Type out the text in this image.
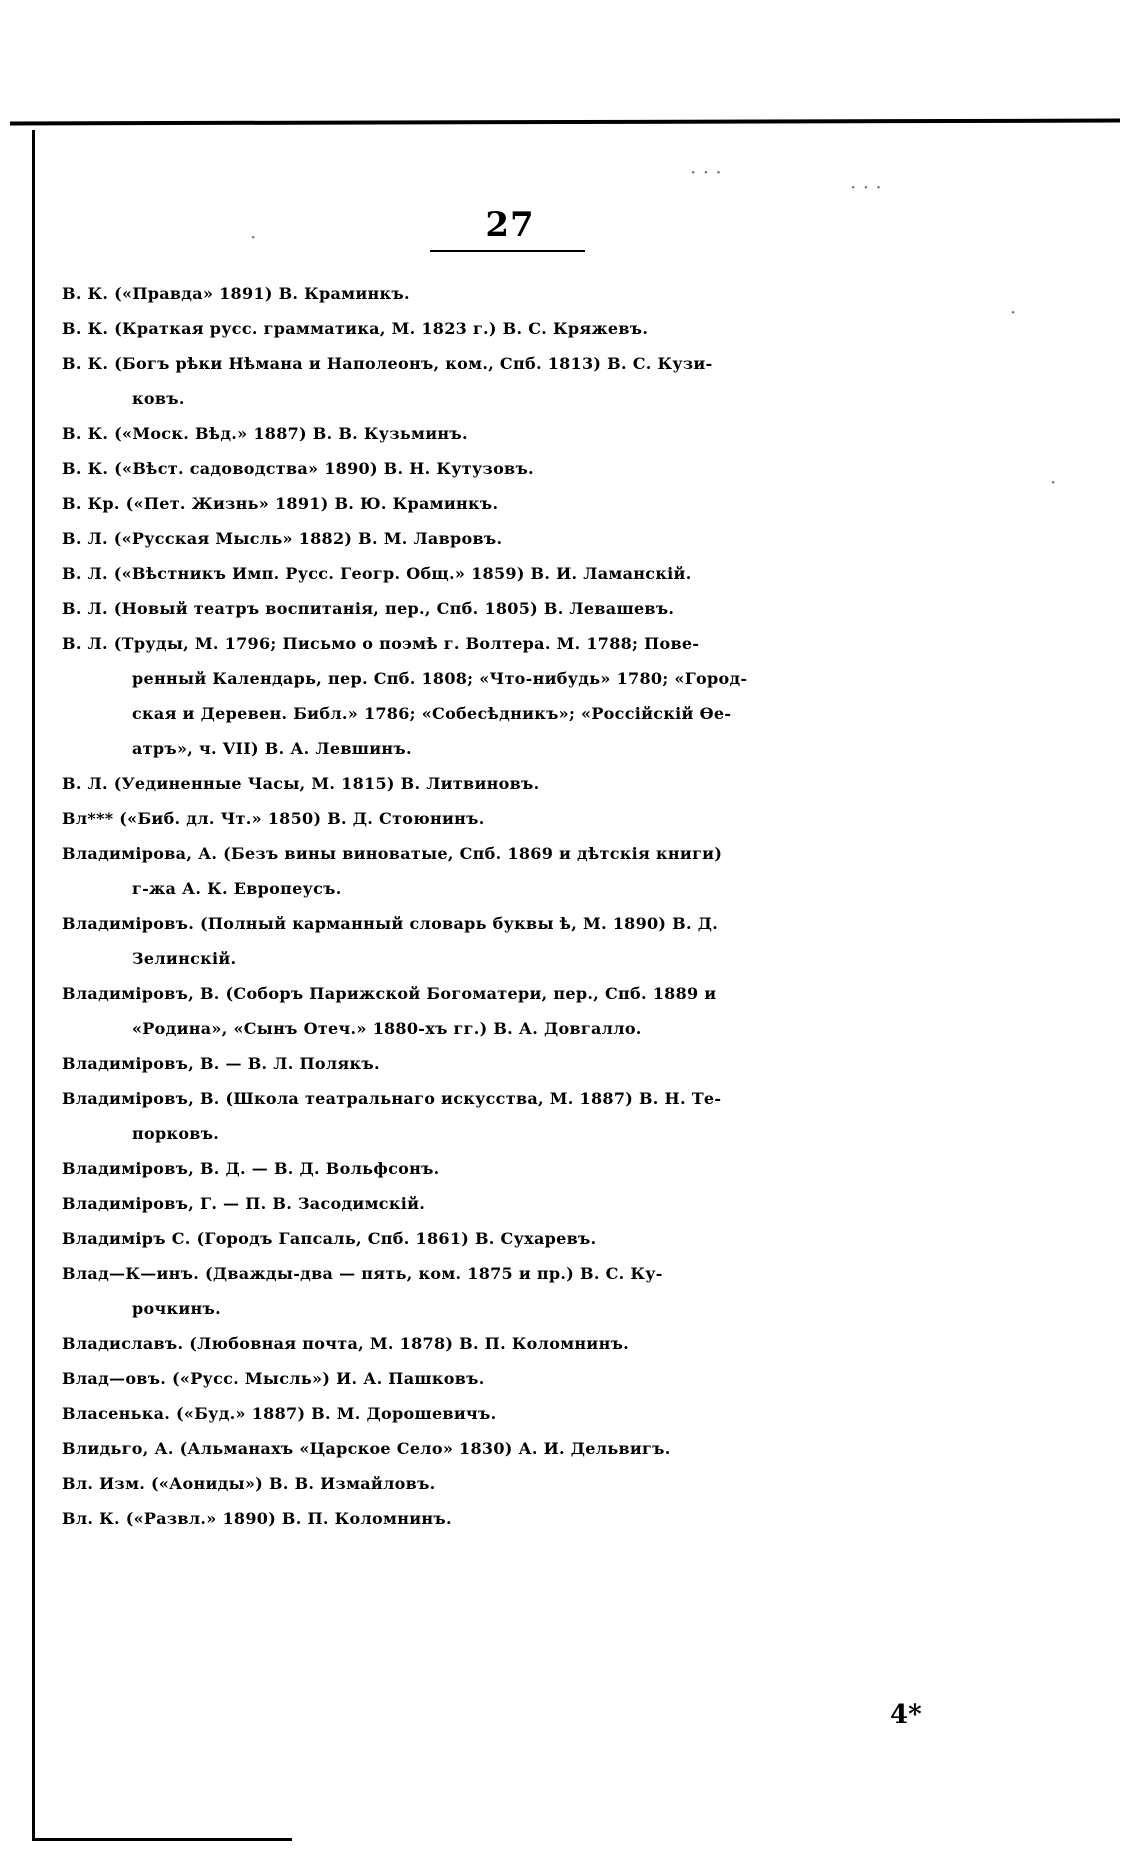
· · ·
· · ·
·
·
·
27
В. К. («Правда» 1891) В. Краминкъ.
В. К. (Краткая русс. грамматика, М. 1823 г.) В. С. Кряжевъ.
В. К. (Богъ рѣки Нѣмана и Наполеонъ, ком., Спб. 1813) В. С. Кузи-
ковъ.
В. К. («Моск. Вѣд.» 1887) В. В. Кузьминъ.
В. К. («Вѣст. садоводства» 1890) В. Н. Кутузовъ.
В. Кр. («Пет. Жизнь» 1891) В. Ю. Краминкъ.
В. Л. («Русская Мысль» 1882) В. М. Лавровъ.
В. Л. («Вѣстникъ Имп. Русс. Геогр. Общ.» 1859) В. И. Ламанскій.
В. Л. (Новый театръ воспитанія, пер., Спб. 1805) В. Левашевъ.
В. Л. (Труды, М. 1796; Письмо о поэмѣ г. Волтера. М. 1788; Пове-
ренный Календарь, пер. Спб. 1808; «Что-нибудь» 1780; «Город-
ская и Деревен. Библ.» 1786; «Собесѣдникъ»; «Россійскій Ѳе-
атръ», ч. VII) В. А. Левшинъ.
В. Л. (Уединенные Часы, М. 1815) В. Литвиновъ.
Вл*** («Биб. дл. Чт.» 1850) В. Д. Стоюнинъ.
Владимірова, А. (Безъ вины виноватые, Спб. 1869 и дѣтскія книги)
г-жа А. К. Европеусъ.
Владиміровъ. (Полный карманный словарь буквы ѣ, М. 1890) В. Д.
Зелинскій.
Владиміровъ, В. (Соборъ Парижской Богоматери, пер., Спб. 1889 и
«Родина», «Сынъ Отеч.» 1880-хъ гг.) В. А. Довгалло.
Владиміровъ, В. — В. Л. Полякъ.
Владиміровъ, В. (Школа театральнаго искусства, М. 1887) В. Н. Те-
порковъ.
Владиміровъ, В. Д. — В. Д. Вольфсонъ.
Владиміровъ, Г. — П. В. Засодимскій.
Владиміръ С. (Городъ Гапсаль, Спб. 1861) В. Сухаревъ.
Влад—К—инъ. (Дважды-два — пять, ком. 1875 и пр.) В. С. Ку-
рочкинъ.
Владиславъ. (Любовная почта, М. 1878) В. П. Коломнинъ.
Влад—овъ. («Русс. Мысль») И. А. Пашковъ.
Власенька. («Буд.» 1887) В. М. Дорошевичъ.
Влидьго, А. (Альманахъ «Царское Село» 1830) А. И. Дельвигъ.
Вл. Изм. («Аониды») В. В. Измайловъ.
Вл. К. («Развл.» 1890) В. П. Коломнинъ.
4*
